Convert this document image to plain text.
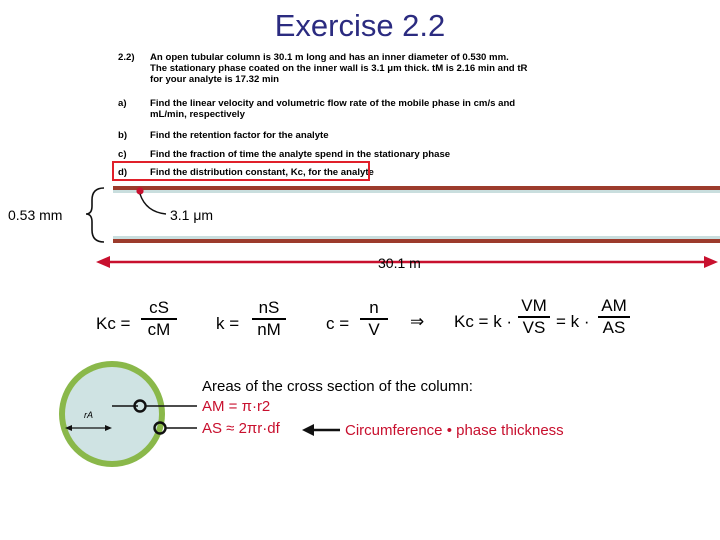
Exercise 2.2
2.2) An open tubular column is 30.1 m long and has an inner diameter of 0.530 mm.
The stationary phase coated on the inner wall is 3.1 μm thick. tM is 2.16 min and tR
for your analyte is 17.32 min
a) Find the linear velocity and volumetric flow rate of the mobile phase in cm/s and
mL/min, respectively
b) Find the retention factor for the analyte
c) Find the fraction of time the analyte spend in the stationary phase
d) Find the distribution constant, Kc, for the analyte
0.53 mm	3.1 μm
30.1 m
rA
Kc =
cS
cM	k =
nS
nM	c =
n
V	⇒ Kc = k ·
VM
VS = k ·
AM
AS
Areas of the cross section of the column:
AM = π·r2
AS ≈ 2πr·df	Circumference • phase thickness
